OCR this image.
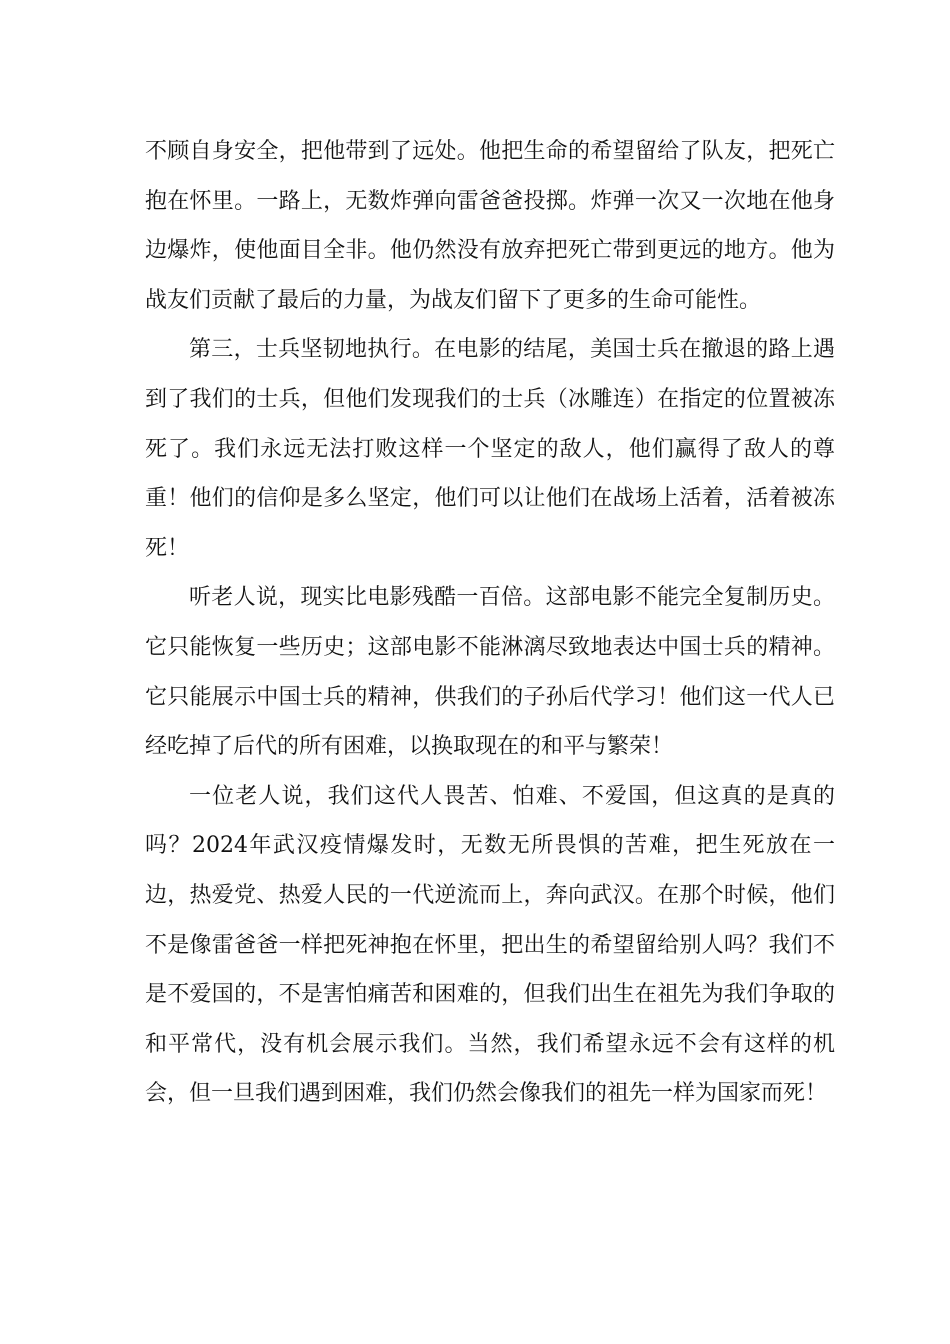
不顾自身安全，把他带到了远处。他把生命的希望留给了队友，把死亡抱在怀里。一路上，无数炸弹向雷爸爸投掷。炸弹一次又一次地在他身边爆炸，使他面目全非。他仍然没有放弃把死亡带到更远的地方。他为战友们贡献了最后的力量，为战友们留下了更多的生命可能性。

第三，士兵坚韧地执行。在电影的结尾，美国士兵在撤退的路上遇到了我们的士兵，但他们发现我们的士兵（冰雕连）在指定的位置被冻死了。我们永远无法打败这样一个坚定的敌人，他们赢得了敌人的尊重！他们的信仰是多么坚定，他们可以让他们在战场上活着，活着被冻死！

听老人说，现实比电影残酷一百倍。这部电影不能完全复制历史。它只能恢复一些历史；这部电影不能淋漓尽致地表达中国士兵的精神。它只能展示中国士兵的精神，供我们的子孙后代学习！他们这一代人已经吃掉了后代的所有困难，以换取现在的和平与繁荣！

一位老人说，我们这代人畏苦、怕难、不爱国，但这真的是真的吗？2024年武汉疫情爆发时，无数无所畏惧的苦难，把生死放在一边，热爱党、热爱人民的一代逆流而上，奔向武汉。在那个时候，他们不是像雷爸爸一样把死神抱在怀里，把出生的希望留给别人吗？我们不是不爱国的，不是害怕痛苦和困难的，但我们出生在祖先为我们争取的和平常代，没有机会展示我们。当然，我们希望永远不会有这样的机会，但一旦我们遇到困难，我们仍然会像我们的祖先一样为国家而死！
